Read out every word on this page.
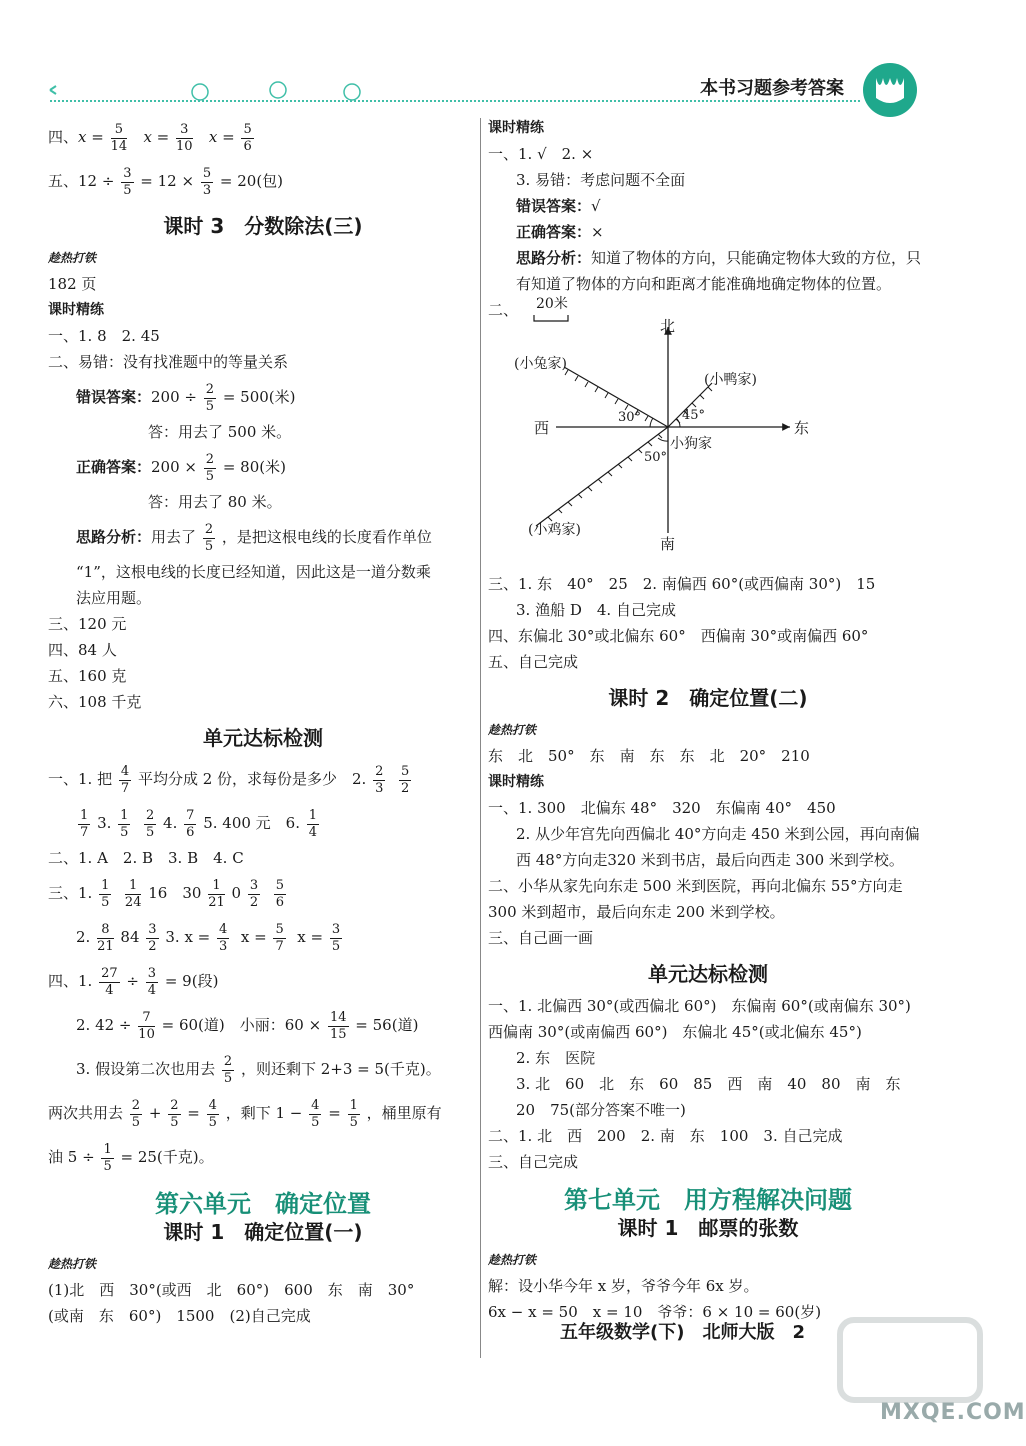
本书习题参考答案
四、$x = \frac{5}{14}$ $x = \frac{3}{10}$ $x = \frac{5}{6}$
五、$12 \div \frac{3}{5} = 12 \times \frac{5}{3} = 20$(包)
课时 3　分数除法(三)
趁热打铁
182 页
课时精练
一、1. 8　2. 45
二、易错：没有找准题中的等量关系
错误答案：$200 \div \frac{2}{5} = 500$(米)
答：用去了 500 米。
正确答案：$200 \times \frac{2}{5} = 80$(米)
答：用去了 80 米。
思路分析：用去了 $\frac{2}{5}$ ，是把这根电线的长度看作单位
“1”，这根电线的长度已经知道，因此这是一道分数乘
法应用题。
三、120 元
四、84 人
五、160 克
六、108 千克
单元达标检测
一、1. 把 $\frac{4}{7}$ 平均分成 2 份，求每份是多少　2. $\frac{2}{3}$
$\frac{5}{2}$
$\frac{1}{7} 3$. $\frac{1}{5}$
$\frac{2}{5} 4$. $\frac{7}{6} 5$. 400 元　6. $\frac{1}{4}$
二、1. A　2. B　3. B　4. C
三、1. $\frac{1}{5}$
$\frac{1}{24} 16$　$30 \frac{1}{21} 0 \frac{3}{2}$
$\frac{5}{6}$
2. $\frac{8}{21} 84 \frac{3}{2} 3$. $x = \frac{4}{3}$ $x = \frac{5}{7}$ $x = \frac{3}{5}$
四、1. $\frac{27}{4} \div \frac{3}{4} = 9$(段)
2. $42 \div \frac{7}{10} = 60$(道)　小丽：$60 \times \frac{14}{15} = 56$(道)
3. 假设第二次也用去 $\frac{2}{5}$ ，则还剩下 2+3 = 5(千克)。
两次共用去 $\frac{2}{5} + \frac{2}{5} = \frac{4}{5}$ ，剩下 $1 - \frac{4}{5} = \frac{1}{5}$ ，桶里原有
油 $5 \div \frac{1}{5} = 25$(千克)。
第六单元　确定位置
课时 1　确定位置(一)
趁热打铁
(1)北　西　30°(或西　北　60°)　600　东　南　30°
(或南　东　60°)　1500　(2)自己完成
课时精练
一、1. √　2. ×
3. 易错：考虑问题不全面
错误答案：√
正确答案：×
思路分析：知道了物体的方向，只能确定物体大致的方位，只有知道了物体的方向和距离才能准确地确定物体的位置。
二、 20米
北
南
东
西
(小兔家)
(小鸭家)
小狗家
(小鸡家)
30°	45°
50°
三、1. 东　40°　25　2. 南偏西 60°(或西偏南 30°)　15
3. 渔船 D　4. 自己完成
四、东偏北 30°或北偏东 60°　西偏南 30°或南偏西 60°
五、自己完成
课时 2　确定位置(二)
趁热打铁
东　北　50°　东　南　东　东　北　20°　210
课时精练
一、1. 300　北偏东 48°　320　东偏南 40°　450
2. 从少年宫先向西偏北 40°方向走 450 米到公园，再向南偏西 48°方向走320 米到书店，最后向西走 300 米到学校。
二、小华从家先向东走 500 米到医院，再向北偏东 55°方向走300 米到超市，最后向东走 200 米到学校。
三、自己画一画
单元达标检测
一、1. 北偏西 30°(或西偏北 60°)　东偏南 60°(或南偏东 30°)　西偏南 30°(或南偏西 60°)　东偏北 45°(或北偏东 45°)
2. 东　医院
3. 北　60　北　东　60　85　西　南　40　80　南　东　20　75(部分答案不唯一)
二、1. 北　西　200　2. 南　东　100　3. 自己完成
三、自己完成
第七单元　用方程解决问题
课时 1　邮票的张数
趁热打铁
解：设小华今年 x 岁，爷爷今年 6x 岁。
6x − x = 50　x = 10　爷爷：6 × 10 = 60(岁)
五年级数学(下)　北师大版　2
MXQE.COM
